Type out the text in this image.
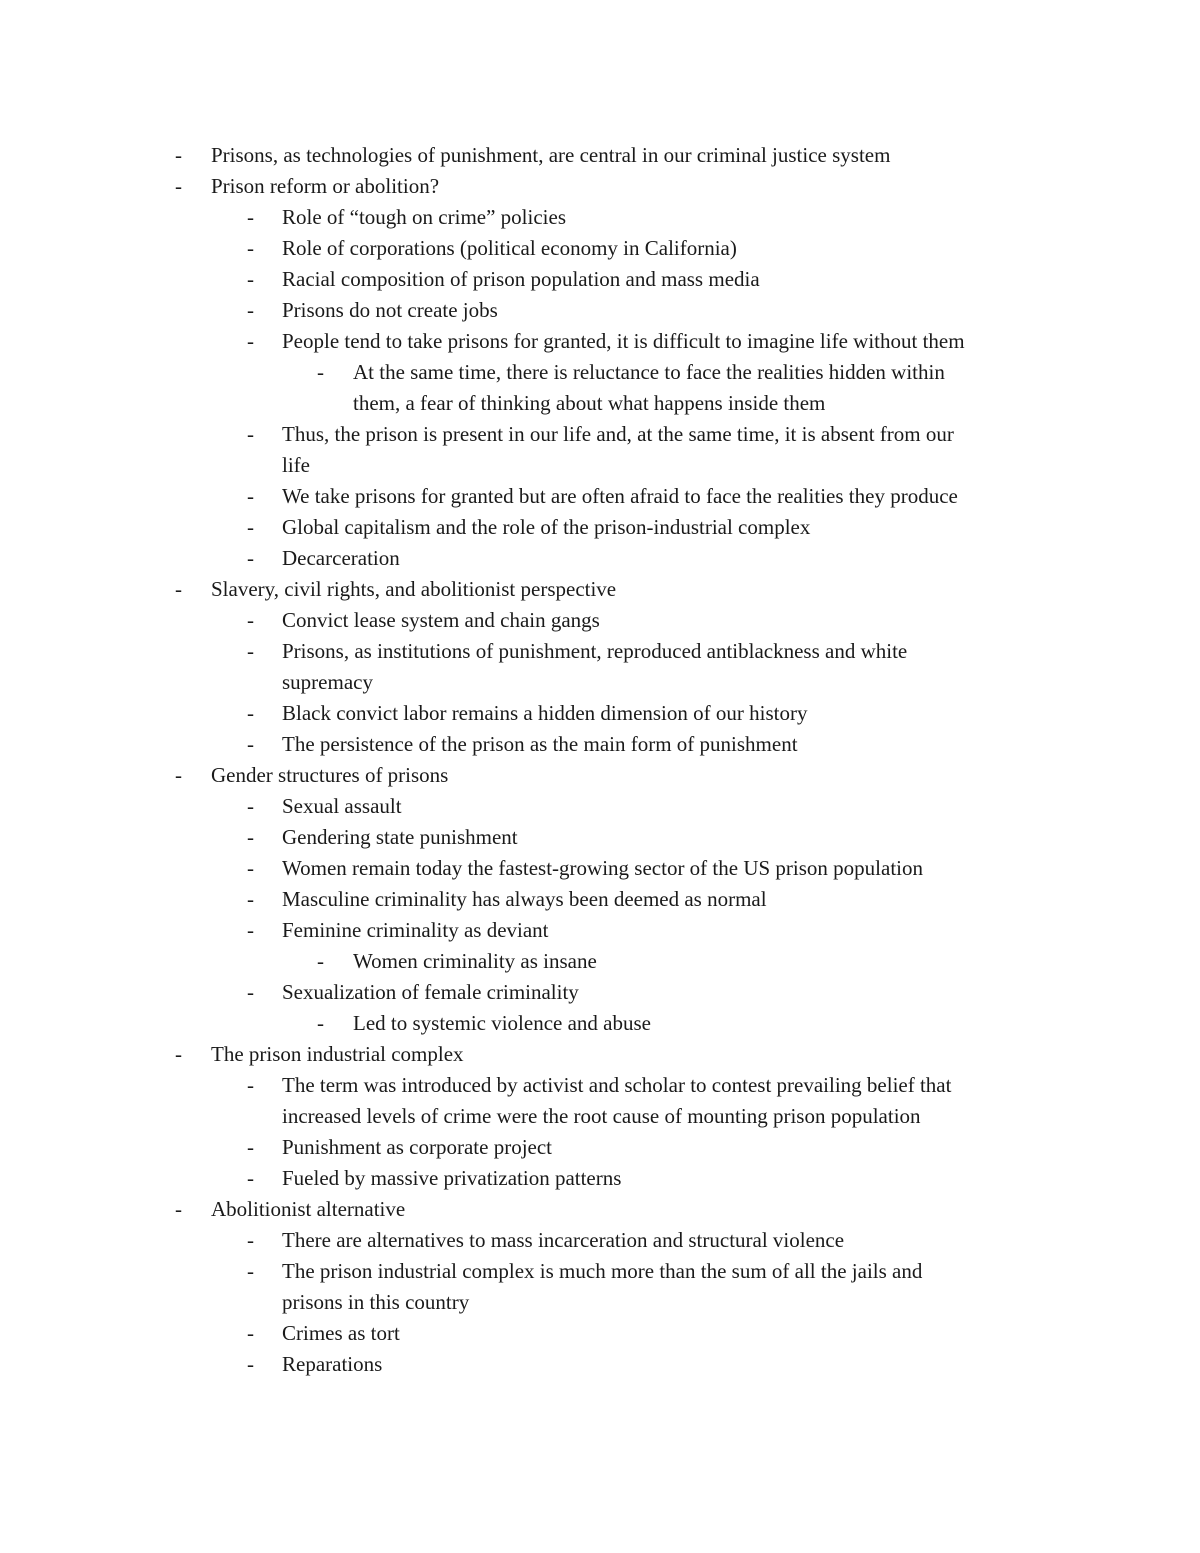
- Prisons, as technologies of punishment, are central in our criminal justice system
- Prison reform or abolition?
- Role of “tough on crime” policies
- Role of corporations (political economy in California)
- Racial composition of prison population and mass media
- Prisons do not create jobs
- People tend to take prisons for granted, it is difficult to imagine life without them
- At the same time, there is reluctance to face the realities hidden within
them, a fear of thinking about what happens inside them
- Thus, the prison is present in our life and, at the same time, it is absent from our
life
- We take prisons for granted but are often afraid to face the realities they produce
- Global capitalism and the role of the prison-industrial complex
- Decarceration
- Slavery, civil rights, and abolitionist perspective
- Convict lease system and chain gangs
- Prisons, as institutions of punishment, reproduced antiblackness and white
supremacy
- Black convict labor remains a hidden dimension of our history
- The persistence of the prison as the main form of punishment
- Gender structures of prisons
- Sexual assault
- Gendering state punishment
- Women remain today the fastest-growing sector of the US prison population
- Masculine criminality has always been deemed as normal
- Feminine criminality as deviant
- Women criminality as insane
- Sexualization of female criminality
- Led to systemic violence and abuse
- The prison industrial complex
- The term was introduced by activist and scholar to contest prevailing belief that
increased levels of crime were the root cause of mounting prison population
- Punishment as corporate project
- Fueled by massive privatization patterns
- Abolitionist alternative
- There are alternatives to mass incarceration and structural violence
- The prison industrial complex is much more than the sum of all the jails and
prisons in this country
- Crimes as tort
- Reparations
